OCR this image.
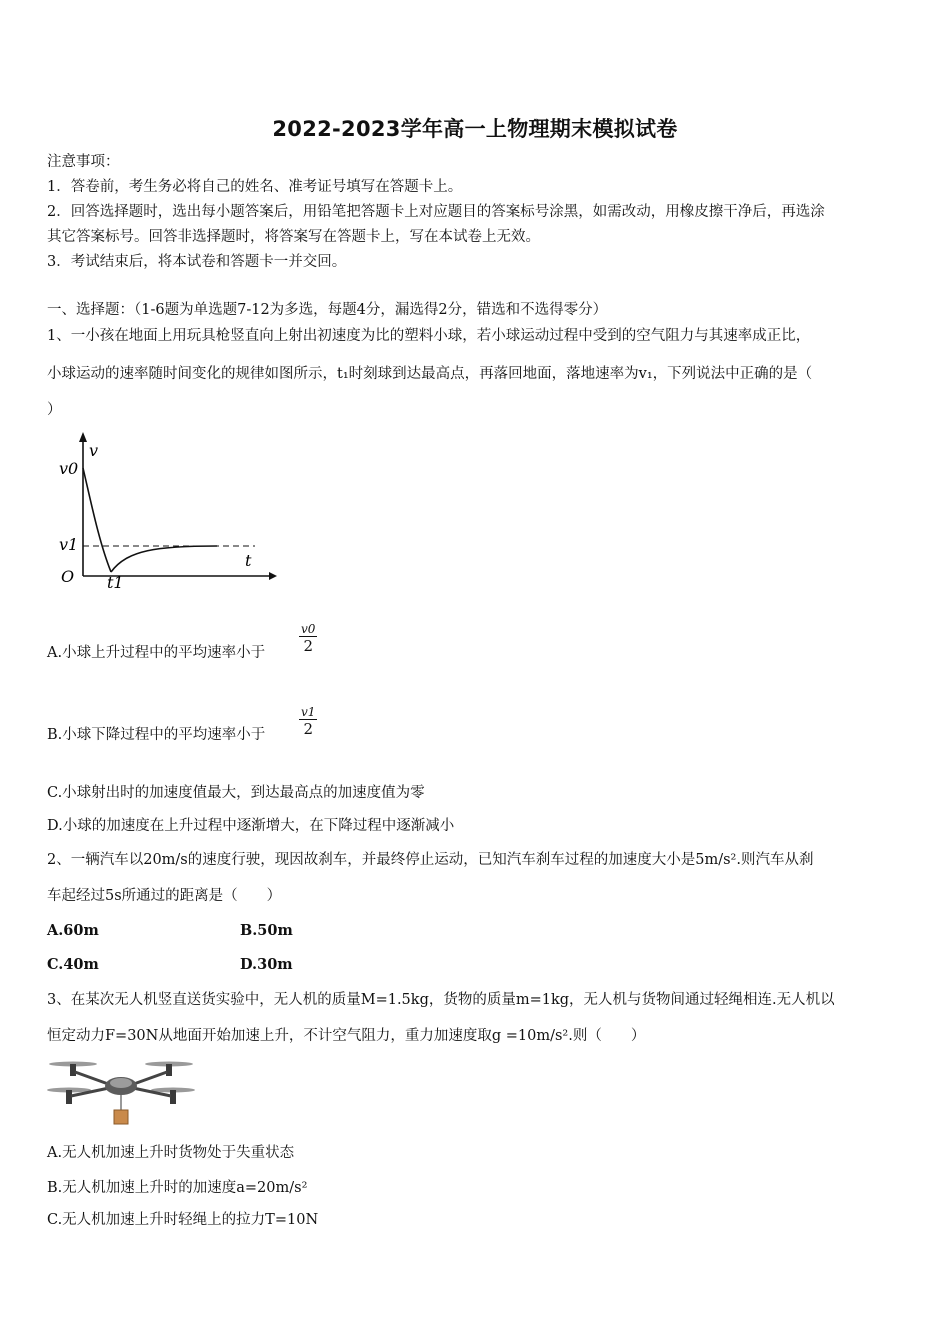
2022-2023学年高一上物理期末模拟试卷
注意事项：
1．答卷前，考生务必将自己的姓名、准考证号填写在答题卡上。
2．回答选择题时，选出每小题答案后，用铅笔把答题卡上对应题目的答案标号涂黑，如需改动，用橡皮擦干净后，再选涂
其它答案标号。回答非选择题时，将答案写在答题卡上，写在本试卷上无效。
3．考试结束后，将本试卷和答题卡一并交回。
一、选择题：（1-6题为单选题7-12为多选，每题4分，漏选得2分，错选和不选得零分）
1、一小孩在地面上用玩具枪竖直向上射出初速度为比的塑料小球，若小球运动过程中受到的空气阻力与其速率成正比，
小球运动的速率随时间变化的规律如图所示，t₁时刻球到达最高点，再落回地面，落地速率为v₁，下列说法中正确的是（
）
v0
v
v1
t
O t1
A.小球上升过程中的平均速率小于
v0
2
B.小球下降过程中的平均速率小于
v1
2
C.小球射出时的加速度值最大，到达最高点的加速度值为零
D.小球的加速度在上升过程中逐渐增大，在下降过程中逐渐减小
2、一辆汽车以20m/s的速度行驶，现因故刹车，并最终停止运动，已知汽车刹车过程的加速度大小是5m/s².则汽车从刹
车起经过5s所通过的距离是（　　）
A.60m	B.50m
C.40m	D.30m
3、在某次无人机竖直送货实验中，无人机的质量M=1.5kg，货物的质量m=1kg，无人机与货物间通过轻绳相连.无人机以
恒定动力F=30N从地面开始加速上升，不计空气阻力，重力加速度取g =10m/s².则（　　）
A.无人机加速上升时货物处于失重状态
B.无人机加速上升时的加速度a=20m/s²
C.无人机加速上升时轻绳上的拉力T=10N
